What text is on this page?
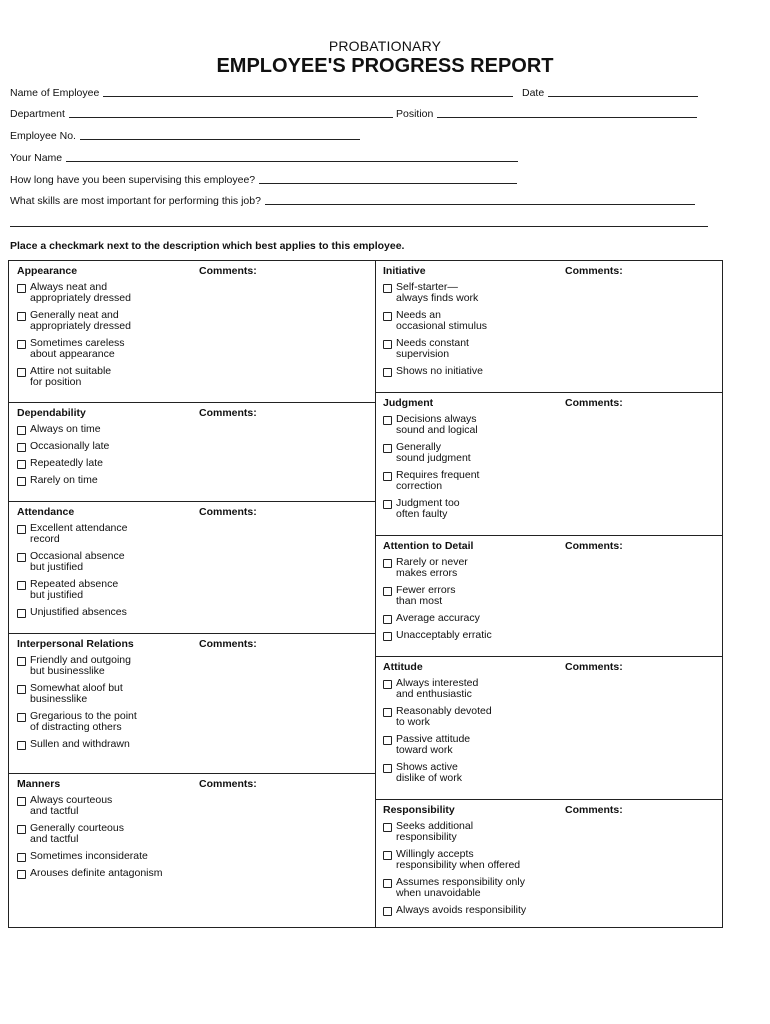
PROBATIONARY
EMPLOYEE'S PROGRESS REPORT
Name of Employee	Date
Department	Position
Employee No.
Your Name
How long have you been supervising this employee?
What skills are most important for performing this job?
Place a checkmark next to the description which best applies to this employee.
Appearance	Comments:
Always neat and
appropriately dressed
Generally neat and
appropriately dressed
Sometimes careless
about appearance
Attire not suitable
for position
Dependability	Comments:
Always on time
Occasionally late
Repeatedly late
Rarely on time
Attendance	Comments:
Excellent attendance
record
Occasional absence
but justified
Repeated absence
but justified
Unjustified absences
Interpersonal Relations	Comments:
Friendly and outgoing
but businesslike
Somewhat aloof but
businesslike
Gregarious to the point
of distracting others
Sullen and withdrawn
Manners	Comments:
Always courteous
and tactful
Generally courteous
and tactful
Sometimes inconsiderate
Arouses definite antagonism
Initiative	Comments:
Self-starter—
always finds work
Needs an
occasional stimulus
Needs constant
supervision
Shows no initiative
Judgment	Comments:
Decisions always
sound and logical
Generally
sound judgment
Requires frequent
correction
Judgment too
often faulty
Attention to Detail	Comments:
Rarely or never
makes errors
Fewer errors
than most
Average accuracy
Unacceptably erratic
Attitude	Comments:
Always interested
and enthusiastic
Reasonably devoted
to work
Passive attitude
toward work
Shows active
dislike of work
Responsibility	Comments:
Seeks additional
responsibility
Willingly accepts
responsibility when offered
Assumes responsibility only
when unavoidable
Always avoids responsibility
